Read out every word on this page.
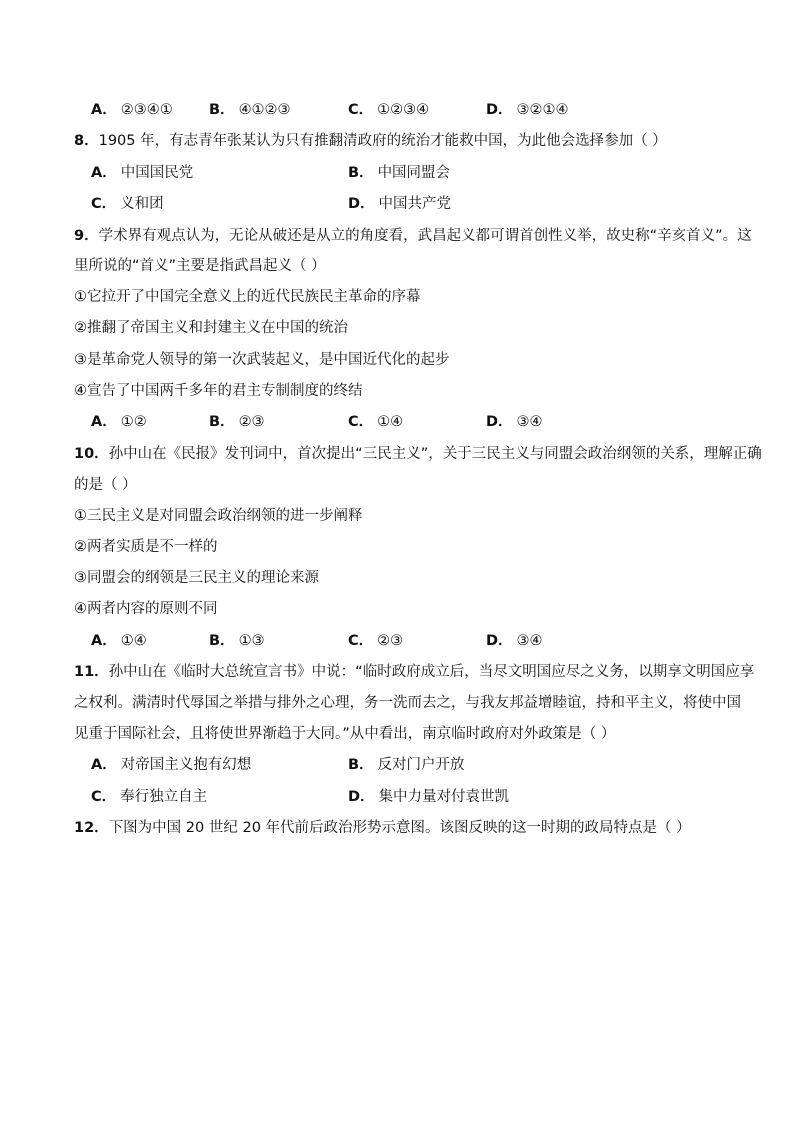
A． ②③④①	B． ④①②③	C． ①②③④	D． ③②①④
8．1905 年，有志青年张某认为只有推翻清政府的统治才能救中国，为此他会选择参加（ ）
A． 中国国民党	B． 中国同盟会
C． 义和团	D． 中国共产党
9．学术界有观点认为，无论从破还是从立的角度看，武昌起义都可谓首创性义举，故史称“辛亥首义”。这
里所说的“首义”主要是指武昌起义（ ）
①它拉开了中国完全意义上的近代民族民主革命的序幕
②推翻了帝国主义和封建主义在中国的统治
③是革命党人领导的第一次武装起义，是中国近代化的起步
④宣告了中国两千多年的君主专制制度的终结
A． ①②	B． ②③	C． ①④	D． ③④
10．孙中山在《民报》发刊词中，首次提出“三民主义”，关于三民主义与同盟会政治纲领的关系，理解正确
的是（ ）
①三民主义是对同盟会政治纲领的进一步阐释
②两者实质是不一样的
③同盟会的纲领是三民主义的理论来源
④两者内容的原则不同
A． ①④	B． ①③	C． ②③	D． ③④
11．孙中山在《临时大总统宣言书》中说：“临时政府成立后，当尽文明国应尽之义务，以期享文明国应享
之权利。满清时代辱国之举措与排外之心理，务一洗而去之，与我友邦益增睦谊，持和平主义，将使中国
见重于国际社会，且将使世界渐趋于大同。”从中看出，南京临时政府对外政策是（ ）
A． 对帝国主义抱有幻想	B． 反对门户开放
C． 奉行独立自主	D． 集中力量对付袁世凯
12．下图为中国 20 世纪 20 年代前后政治形势示意图。该图反映的这一时期的政局特点是（ ）
